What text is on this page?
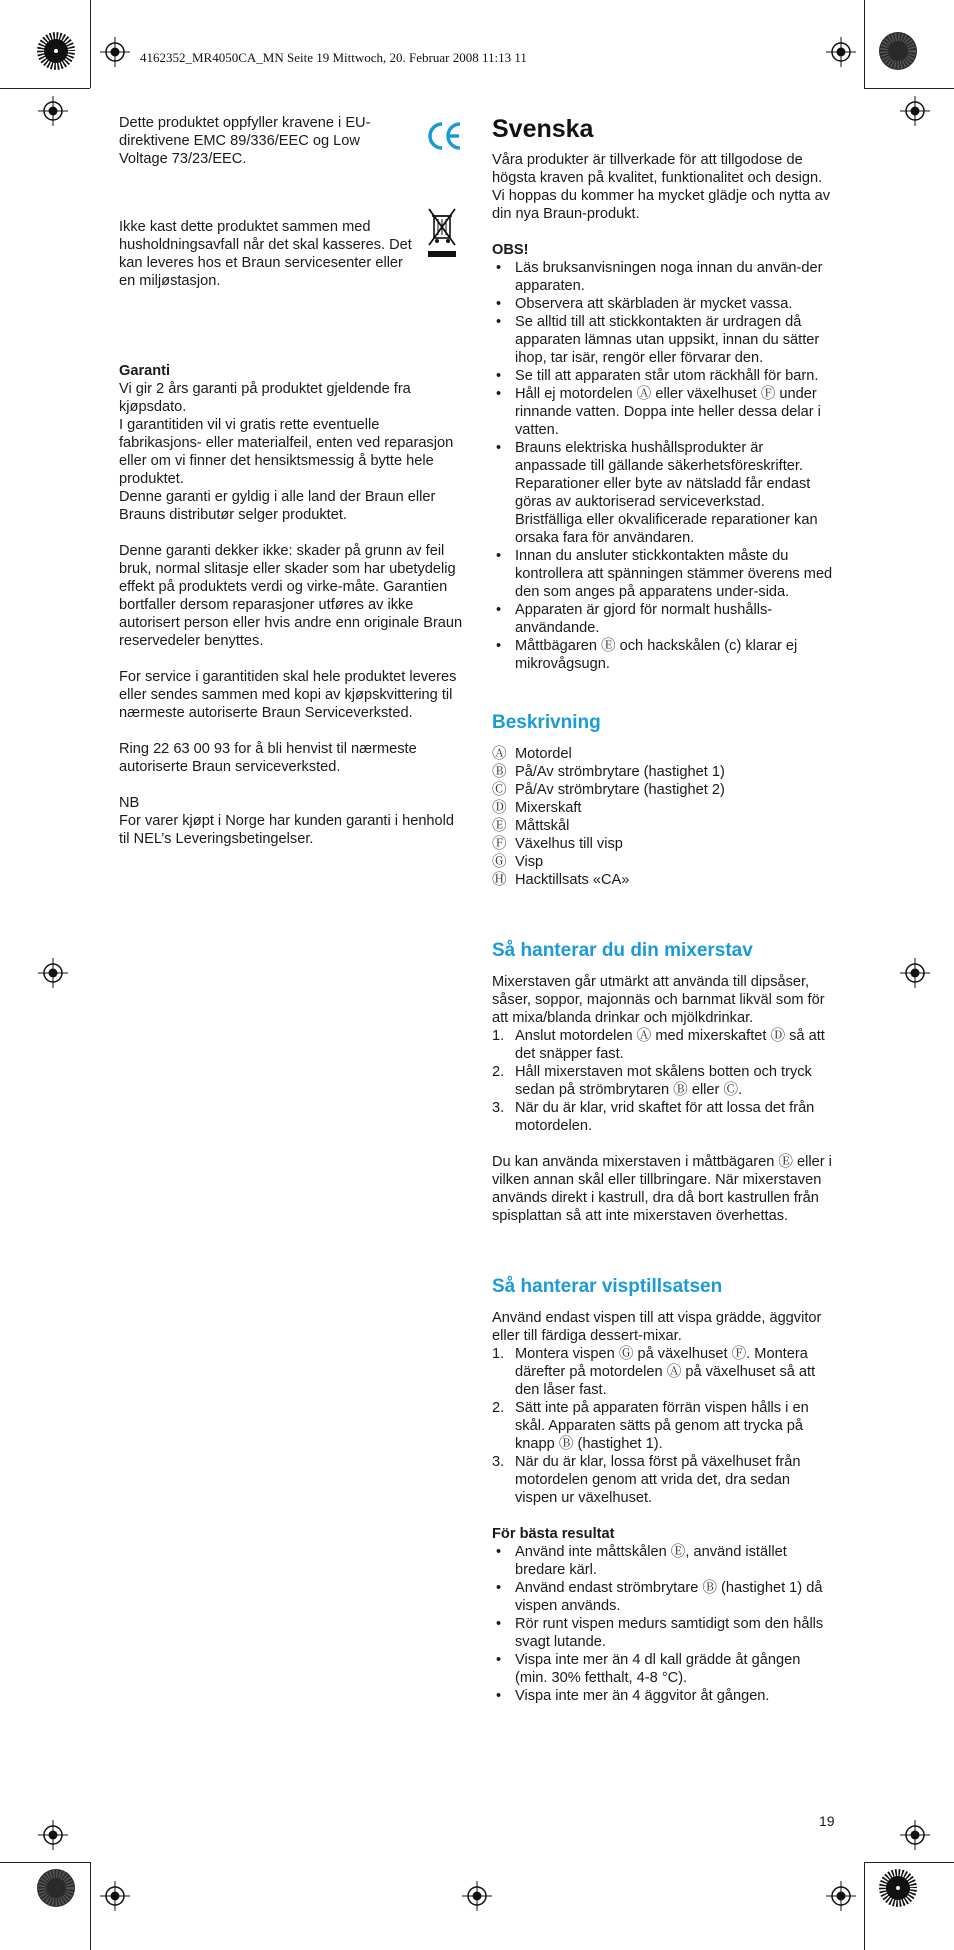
4162352_MR4050CA_MN Seite 19 Mittwoch, 20. Februar 2008 11:13 11

Dette produktet oppfyller kravene i EU-direktivene EMC 89/336/EEC og Low Voltage 73/23/EEC.

Ikke kast dette produktet sammen med husholdningsavfall når det skal kasseres. Det kan leveres hos et Braun servicesenter eller en miljøstasjon.

Garanti

Vi gir 2 års garanti på produktet gjeldende fra kjøpsdato.

I garantitiden vil vi gratis rette eventuelle fabrikasjons- eller materialfeil, enten ved reparasjon eller om vi finner det hensiktsmessig å bytte hele produktet.

Denne garanti er gyldig i alle land der Braun eller Brauns distributør selger produktet.

Denne garanti dekker ikke: skader på grunn av feil bruk, normal slitasje eller skader som har ubetydelig effekt på produktets verdi og virke-måte. Garantien bortfaller dersom reparasjoner utføres av ikke autorisert person eller hvis andre enn originale Braun reservedeler benyttes.

For service i garantitiden skal hele produktet leveres eller sendes sammen med kopi av kjøpskvittering til nærmeste autoriserte Braun Serviceverksted.

Ring 22 63 00 93 for å bli henvist til nærmeste autoriserte Braun serviceverksted.

NB

For varer kjøpt i Norge har kunden garanti i henhold til NEL’s Leveringsbetingelser.

Svenska

Våra produkter är tillverkade för att tillgodose de högsta kraven på kvalitet, funktionalitet och design.

Vi hoppas du kommer ha mycket glädje och nytta av din nya Braun-produkt.

OBS!

• Läs bruksanvisningen noga innan du använ-der apparaten.
• Observera att skärbladen är mycket vassa.
• Se alltid till att stickkontakten är urdragen då apparaten lämnas utan uppsikt, innan du sätter ihop, tar isär, rengör eller förvarar den.
• Se till att apparaten står utom räckhåll för barn.
• Håll ej motordelen Ⓐ eller växelhuset Ⓕ under rinnande vatten. Doppa inte heller dessa delar i vatten.
• Brauns elektriska hushållsprodukter är anpassade till gällande säkerhetsföreskrifter. Reparationer eller byte av nätsladd får endast göras av auktoriserad serviceverkstad. Bristfälliga eller okvalificerade reparationer kan orsaka fara för användaren.
• Innan du ansluter stickkontakten måste du kontrollera att spänningen stämmer överens med den som anges på apparatens under-sida.
• Apparaten är gjord för normalt hushålls-användande.
• Måttbägaren Ⓔ och hackskålen (c) klarar ej mikrovågsugn.
Beskrivning
Ⓐ Motordel
Ⓑ På/Av strömbrytare (hastighet 1)
Ⓒ På/Av strömbrytare (hastighet 2)
Ⓓ Mixerskaft
Ⓔ Måttskål
Ⓕ Växelhus till visp
Ⓖ Visp
Ⓗ Hacktillsats «CA»
Så hanterar du din mixerstav

Mixerstaven går utmärkt att använda till dipsåser, såser, soppor, majonnäs och barnmat likväl som för att mixa/blanda drinkar och mjölkdrinkar.

1. Anslut motordelen Ⓐ med mixerskaftet Ⓓ så att det snäpper fast.
2. Håll mixerstaven mot skålens botten och tryck sedan på strömbrytaren Ⓑ eller Ⓒ.
3. När du är klar, vrid skaftet för att lossa det från motordelen.

Du kan använda mixerstaven i måttbägaren Ⓔ eller i vilken annan skål eller tillbringare. När mixerstaven används direkt i kastrull, dra då bort kastrullen från spisplattan så att inte mixerstaven överhettas.

Så hanterar visptillsatsen

Använd endast vispen till att vispa grädde, äggvitor eller till färdiga dessert-mixar.

1. Montera vispen Ⓖ på växelhuset Ⓕ. Montera därefter på motordelen Ⓐ på växelhuset så att den låser fast.
2. Sätt inte på apparaten förrän vispen hålls i en skål. Apparaten sätts på genom att trycka på knapp Ⓑ (hastighet 1).
3. När du är klar, lossa först på växelhuset från motordelen genom att vrida det, dra sedan vispen ur växelhuset.

För bästa resultat

• Använd inte måttskålen Ⓔ, använd istället bredare kärl.
• Använd endast strömbrytare Ⓑ (hastighet 1) då vispen används.
• Rör runt vispen medurs samtidigt som den hålls svagt lutande.
• Vispa inte mer än 4 dl kall grädde åt gången (min. 30% fetthalt, 4-8 °C).
• Vispa inte mer än 4 äggvitor åt gången.
19
